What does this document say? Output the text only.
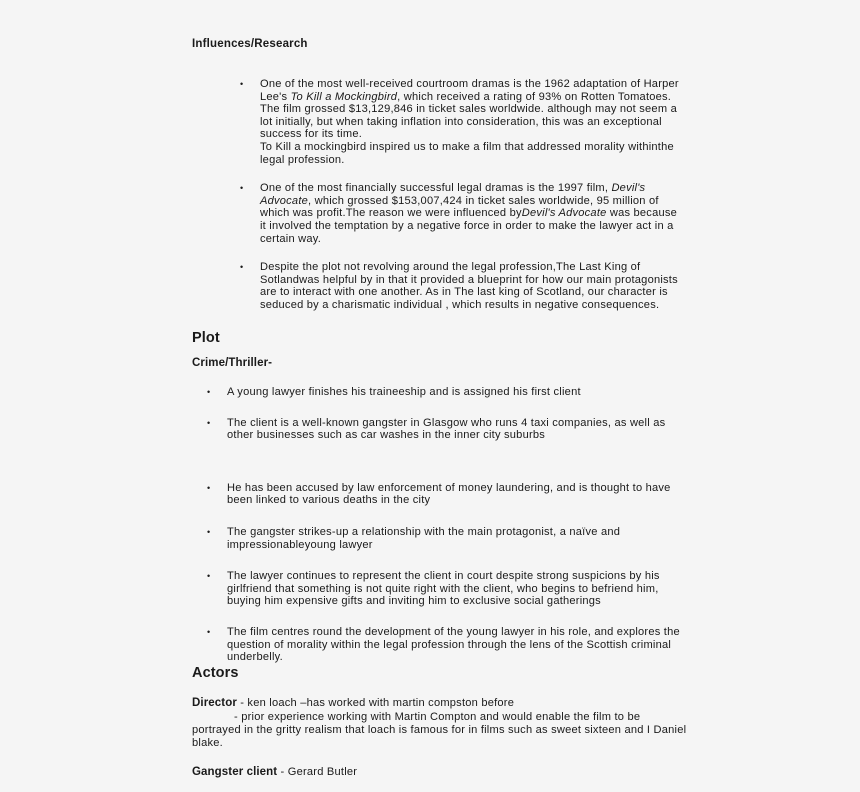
Influences/Research
•	One of the most well-received courtroom dramas is the 1962 adaptation of Harper Lee's To Kill a Mockingbird, which received a rating of 93% on Rotten Tomatoes. The film grossed $13,129,846 in ticket sales worldwide. although may not seem a lot initially, but when taking inflation into consideration, this was an exceptional success for its time.
To Kill a mockingbird inspired us to make a film that addressed morality withinthe legal profession.
•	One of the most financially successful legal dramas is the 1997 film, Devil's Advocate, which grossed $153,007,424 in ticket sales worldwide, 95 million of which was profit.The reason we were influenced byDevil's Advocate was because it involved the temptation by a negative force in order to make the lawyer act in a certain way.
•	Despite the plot not revolving around the legal profession,The Last King of Sotlandwas helpful by in that it provided a blueprint for how our main protagonists are to interact with one another. As in The last king of Scotland, our character is seduced by a charismatic individual , which results in negative consequences.
Plot
Crime/Thriller-
•	A young lawyer finishes his traineeship and is assigned his first client
•	The client is a well-known gangster in Glasgow who runs 4 taxi companies, as well as other businesses such as car washes in the inner city suburbs
•	He has been accused by law enforcement of money laundering, and is thought to have been linked to various deaths in the city
•	The gangster strikes-up a relationship with the main protagonist, a naïve and impressionableyoung lawyer
•	The lawyer continues to represent the client in court despite strong suspicions by his girlfriend that something is not quite right with the client, who begins to befriend him, buying him expensive gifts and inviting him to exclusive social gatherings
•	The film centres round the development of the young lawyer in his role, and explores the question of morality within the legal profession through the lens of the Scottish criminal underbelly.
Actors
Director - ken loach –has worked with martin compston before
- prior experience working with Martin Compton and would enable the film to be
portrayed in the gritty realism that loach is famous for in films such as sweet sixteen and I Daniel blake.
Gangster client - Gerard Butler
